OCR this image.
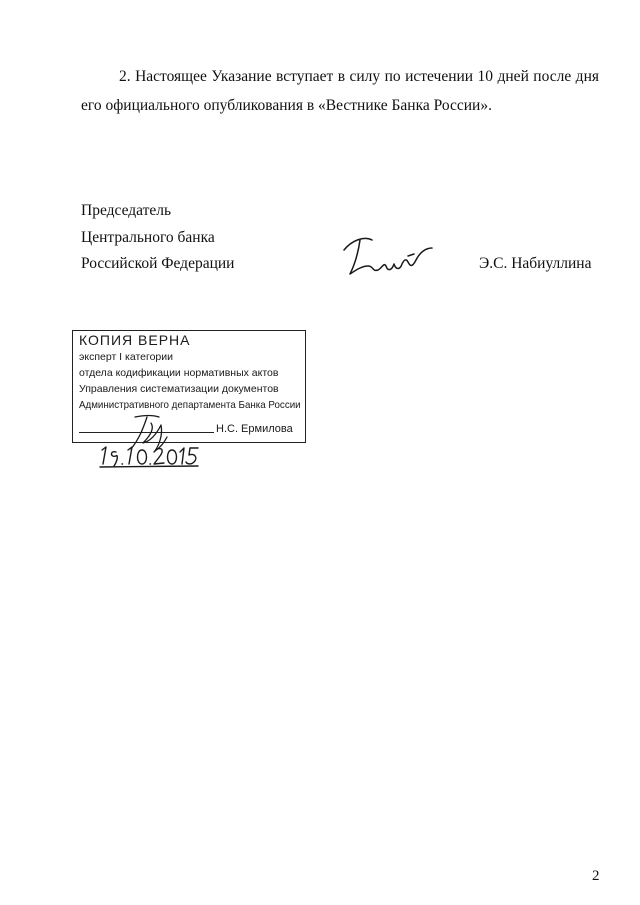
2. Настоящее Указание вступает в силу по истечении 10 дней после дня
его официального опубликования в «Вестнике Банка России».
Председатель
Центрального банка
Российской Федерации	Э.С. Набиуллина
КОПИЯ ВЕРНА
эксперт I категории
отдела кодификации нормативных актов
Управления систематизации документов
Административного департамента Банка России
Н.С. Ермилова
2
